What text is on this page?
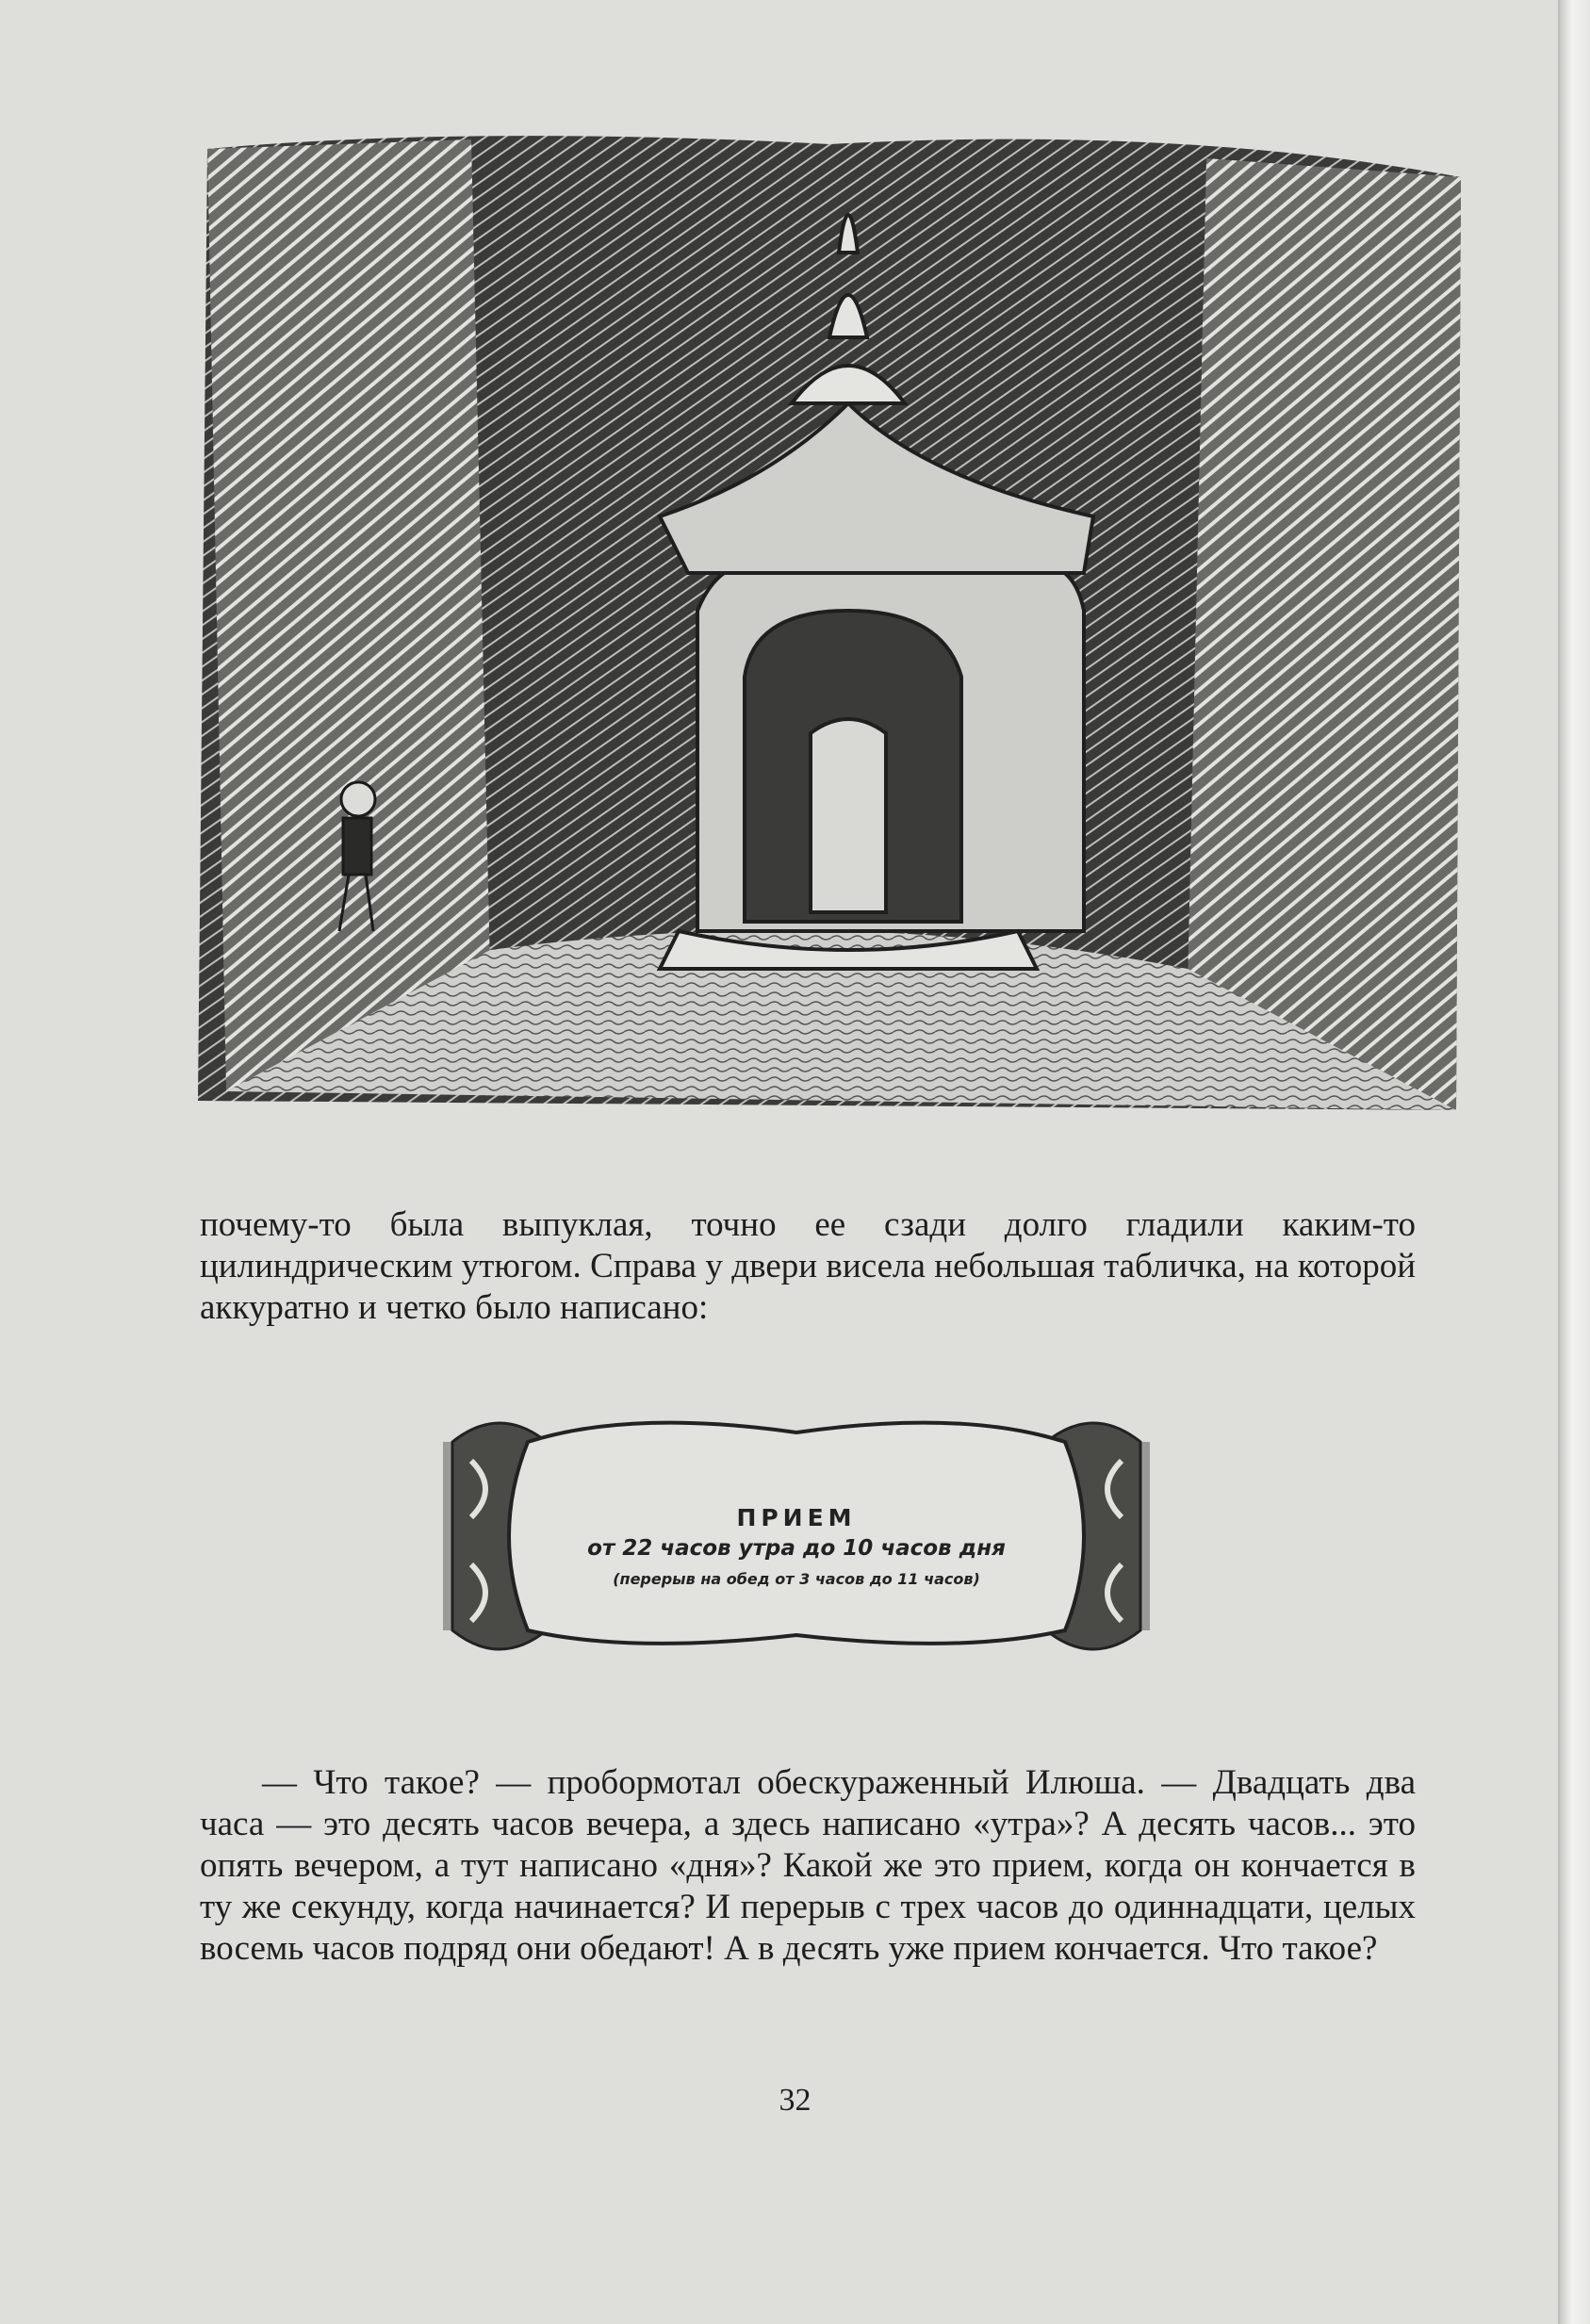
почему-то была выпуклая, точно ее сзади долго гладили каким-то цилиндрическим утюгом. Справа у двери висела небольшая табличка, на которой аккуратно и четко было написано:

ПРИЕМ
от 22 часов утра до 10 часов дня
(перерыв на обед от 3 часов до 11 часов)

— Что такое? — пробормотал обескураженный Илюша. — Двадцать два часа — это десять часов вечера, а здесь написано «утра»? А десять часов... это опять вечером, а тут написано «дня»? Какой же это прием, когда он кончается в ту же секунду, когда начинается? И перерыв с трех часов до одиннадцати, целых восемь часов подряд они обедают! А в десять уже прием кончается. Что такое?

32
